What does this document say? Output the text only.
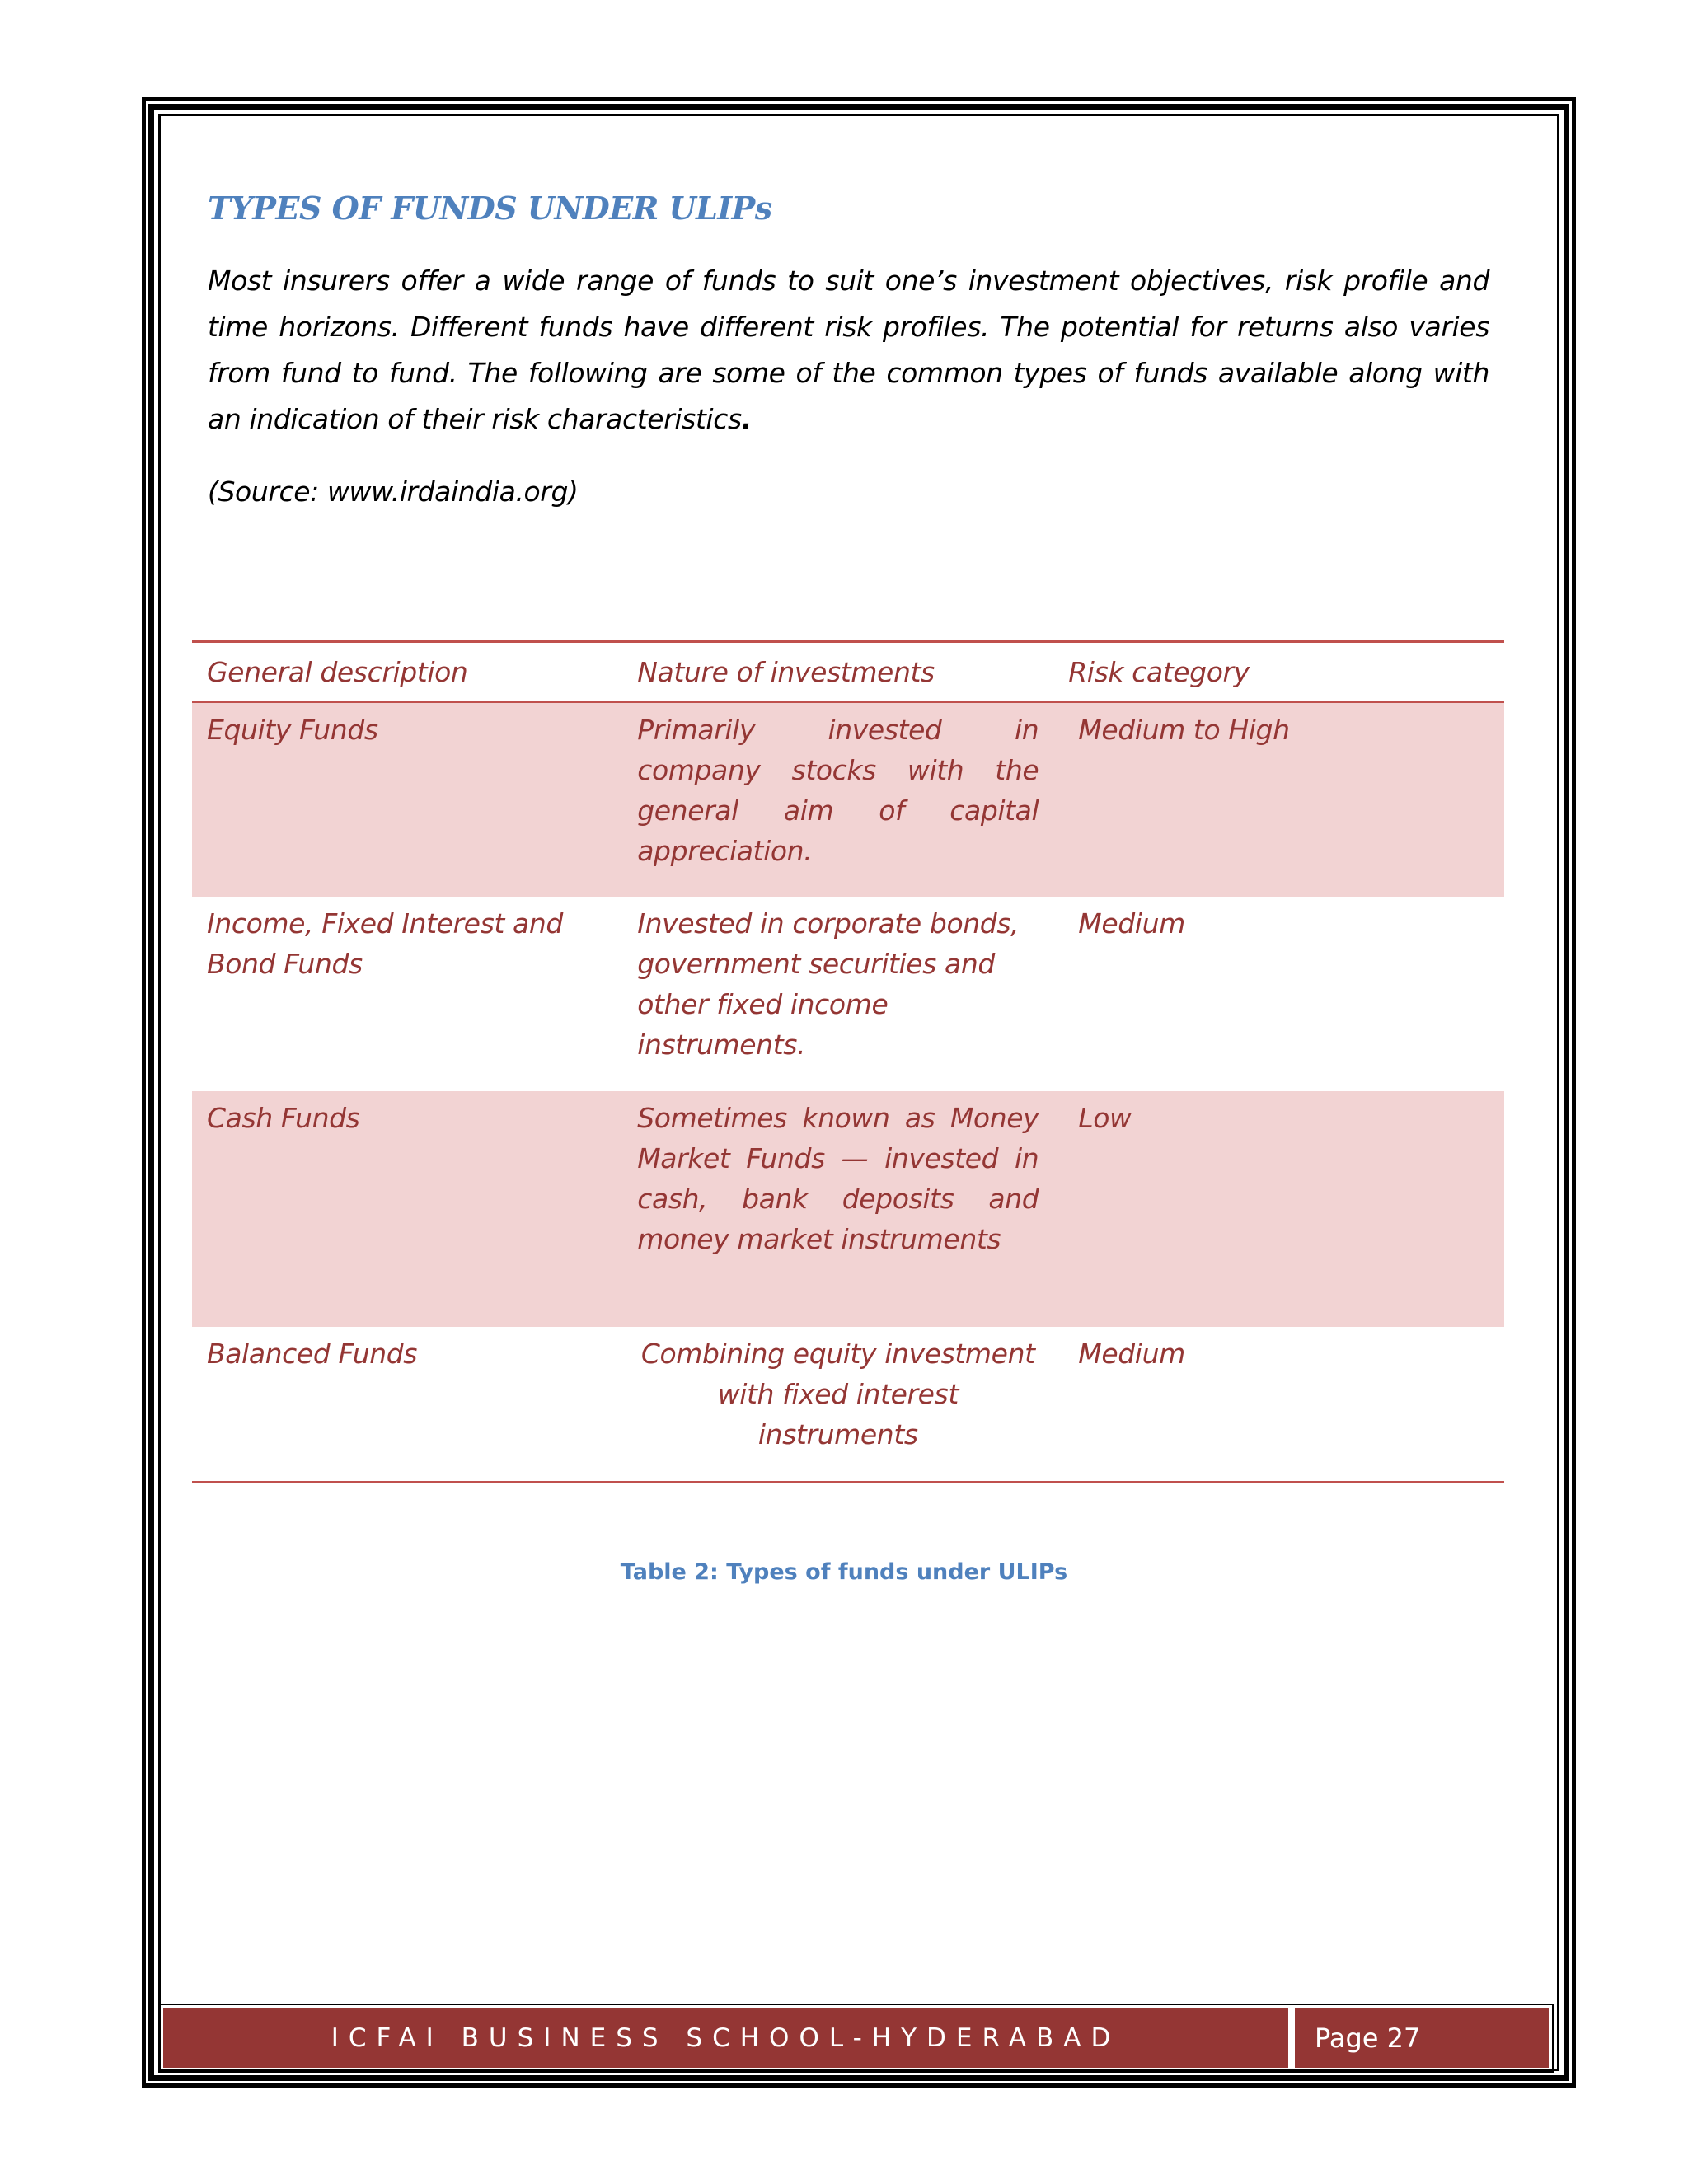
TYPES OF FUNDS UNDER ULIPs
Most insurers offer a wide range of funds to suit one’s investment objectives, risk profile and time horizons. Different funds have different risk profiles. The potential for returns also varies from fund to fund. The following are some of the common types of funds available along with an indication of their risk characteristics.
(Source: www.irdaindia.org)
General description	Nature of investments	Risk category
Equity Funds	Primarily invested in company stocks with the general aim of capital appreciation.	Medium to High
Income, Fixed Interest and Bond Funds	Invested in corporate bonds, government securities and other fixed income instruments.	Medium
Cash Funds	Sometimes known as Money Market Funds — invested in cash, bank deposits and money market instruments	Low
Balanced Funds	Combining equity investment with fixed interest instruments	Medium
Table 2: Types of funds under ULIPs
ICFAI BUSINESS SCHOOL-HYDERABAD	Page 27
